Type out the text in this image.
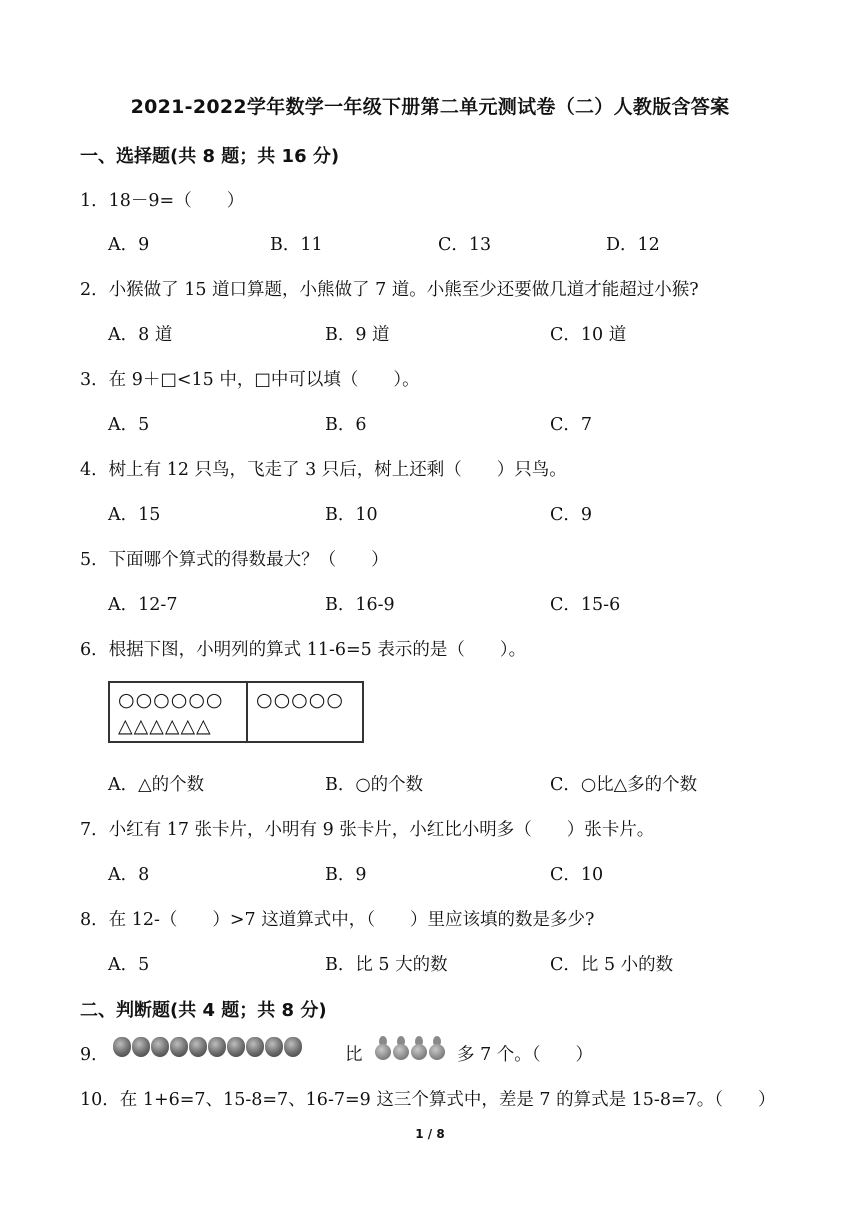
2021-2022学年数学一年级下册第二单元测试卷（二）人教版含答案
一、选择题(共 8 题；共 16 分)
1．18－9=（　　）
A．9	B．11	C．13	D．12
2．小猴做了 15 道口算题，小熊做了 7 道。小熊至少还要做几道才能超过小猴?
A．8 道	B．9 道	C．10 道
3．在 9＋□<15 中，□中可以填（　　）。
A．5	B．6	C．7
4．树上有 12 只鸟，飞走了 3 只后，树上还剩（　　）只鸟。
A．15	B．10	C．9
5．下面哪个算式的得数最大？（　　）
A．12-7	B．16-9	C．15-6
6．根据下图，小明列的算式 11-6=5 表示的是（　　）。
○○○○○○
△△△△△△
○○○○○
A．△的个数	B．○的个数	C．○比△多的个数
7．小红有 17 张卡片，小明有 9 张卡片，小红比小明多（　　）张卡片。
A．8	B．9	C．10
8．在 12-（　　）>7 这道算式中，（　　）里应该填的数是多少?
A．5	B．比 5 大的数	C．比 5 小的数
二、判断题(共 4 题；共 8 分)
9．	比	多 7 个。（　　）
10．在 1+6=7、15-8=7、16-7=9 这三个算式中，差是 7 的算式是 15-8=7。（　　）
1 / 8
